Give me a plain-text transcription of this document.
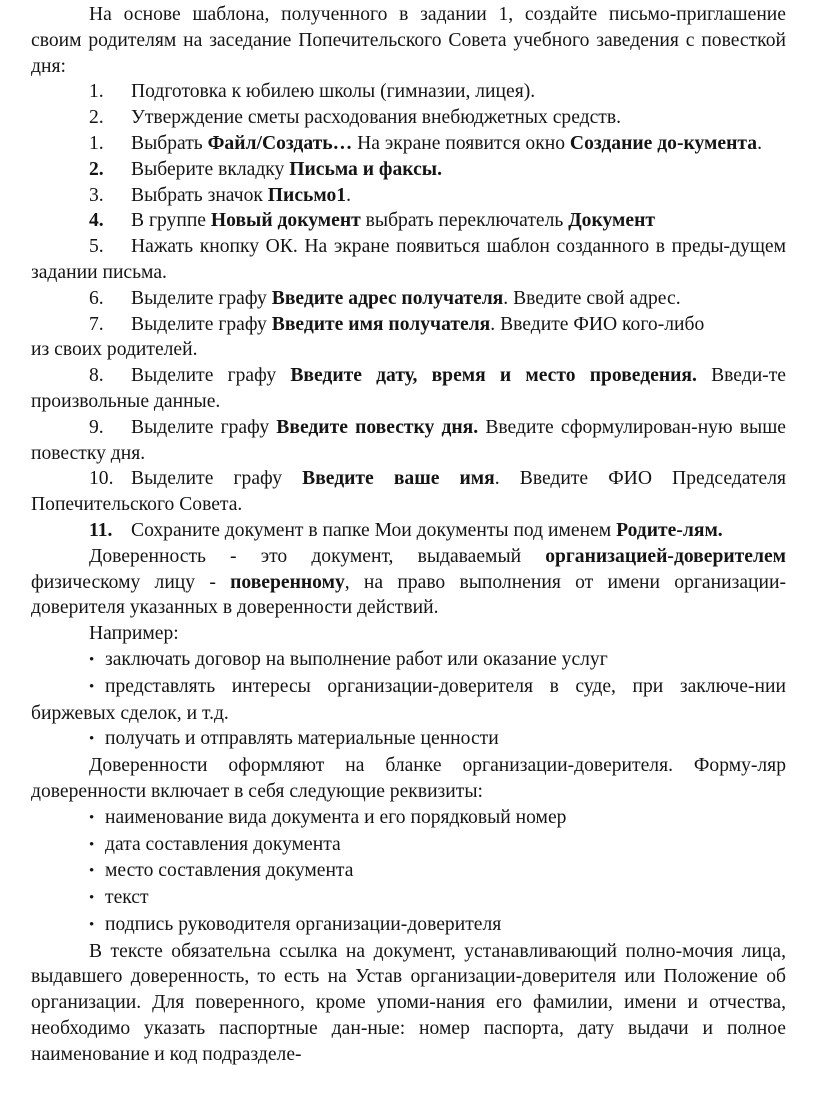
На основе шаблона, полученного в задании 1, создайте письмо-приглашение своим родителям на заседание Попечительского Совета учебного заведения с повесткой дня:

1. Подготовка к юбилею школы (гимназии, лицея).

2. Утверждение сметы расходования внебюджетных средств.

1. Выбрать Файл/Создать… На экране появится окно Создание до-кумента.

2. Выберите вкладку Письма и факсы.

3. Выбрать значок Письмо1.

4. В группе Новый документ выбрать переключатель Документ

5. Нажать кнопку ОК. На экране появиться шаблон созданного в преды-дущем задании письма.

6. Выделите графу Введите адрес получателя. Введите свой адрес.

7. Выделите графу Введите имя получателя. Введите ФИО кого-либо из своих родителей.

8. Выделите графу Введите дату, время и место проведения. Введи-те произвольные данные.

9. Выделите графу Введите повестку дня. Введите сформулирован-ную выше повестку дня.

10. Выделите графу Введите ваше имя. Введите ФИО Председателя Попечительского Совета.

11. Сохраните документ в папке Мои документы под именем Родите-лям.

Доверенность - это документ, выдаваемый организацией-доверителем физическому лицу - поверенному, на право выполнения от имени организации-доверителя указанных в доверенности действий.

Например:

• заключать договор на выполнение работ или оказание услуг

• представлять интересы организации-доверителя в суде, при заключе-нии биржевых сделок, и т.д.

• получать и отправлять материальные ценности

Доверенности оформляют на бланке организации-доверителя. Форму-ляр доверенности включает в себя следующие реквизиты:

• наименование вида документа и его порядковый номер

• дата составления документа

• место составления документа

• текст

• подпись руководителя организации-доверителя

В тексте обязательна ссылка на документ, устанавливающий полно-мочия лица, выдавшего доверенность, то есть на Устав организации-доверителя или Положение об организации. Для поверенного, кроме упоми-нания его фамилии, имени и отчества, необходимо указать паспортные дан-ные: номер паспорта, дату выдачи и полное наименование и код подразделе-
